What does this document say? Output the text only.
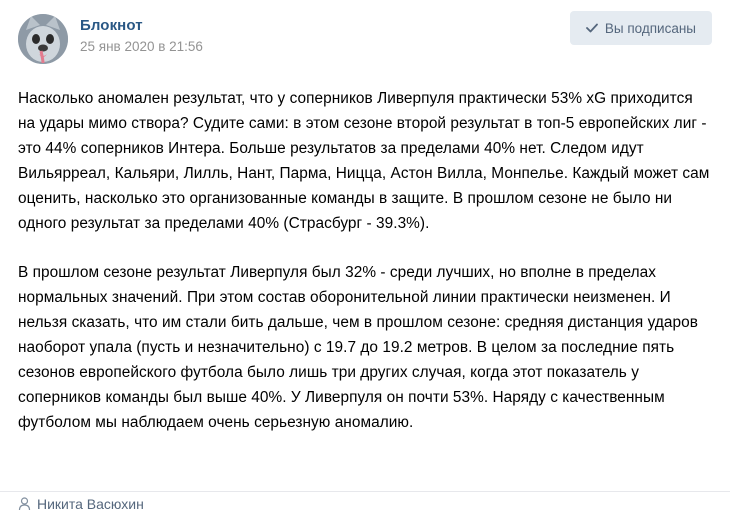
Блокнот
25 янв 2020 в 21:56
Вы подписаны

Насколько аномален результат, что у соперников Ливерпуля практически 53% xG приходится на удары мимо створа? Судите сами: в этом сезоне второй результат в топ-5 европейских лиг - это 44% соперников Интера. Больше результатов за пределами 40% нет. Следом идут Вильярреал, Кальяри, Лилль, Нант, Парма, Ницца, Астон Вилла, Монпелье. Каждый может сам оценить, насколько это организованные команды в защите. В прошлом сезоне не было ни одного результат за пределами 40% (Страсбург - 39.3%).

В прошлом сезоне результат Ливерпуля был 32% - среди лучших, но вполне в пределах нормальных значений. При этом состав оборонительной линии практически неизменен. И нельзя сказать, что им стали бить дальше, чем в прошлом сезоне: средняя дистанция ударов наоборот упала (пусть и незначительно) с 19.7 до 19.2 метров. В целом за последние пять сезонов европейского футбола было лишь три других случая, когда этот показатель у соперников команды был выше 40%. У Ливерпуля он почти 53%. Наряду с качественным футболом мы наблюдаем очень серьезную аномалию.

Никита Васюхин
